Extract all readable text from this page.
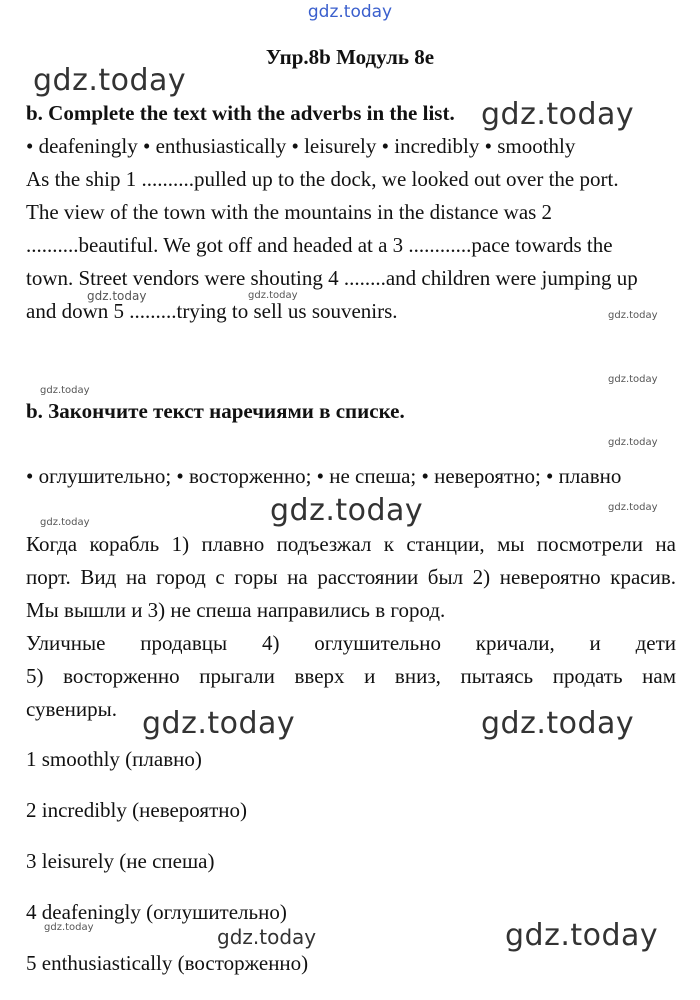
gdz.today
Упр.8b Модуль 8е
b. Complete the text with the adverbs in the list.
• deafeningly • enthusiastically • leisurely • incredibly • smoothly
As the ship 1 ..........pulled up to the dock, we looked out over the port.
The view of the town with the mountains in the distance was 2
..........beautiful. We got off and headed at a 3 ............pace towards the
town. Street vendors were shouting 4 ........and children were jumping up
and down 5 .........trying to sell us souvenirs.
b. Закончите текст наречиями в списке.
• оглушительно; • восторженно; • не спеша; • невероятно; • плавно
Когда корабль 1) плавно подъезжал к станции, мы посмотрели на
порт. Вид на город с горы на расстоянии был 2) невероятно красив.
Мы вышли и 3) не спеша направились в город.
Уличные продавцы 4) оглушительно кричали, и дети
5) восторженно прыгали вверх и вниз, пытаясь продать нам
сувениры.
1 smoothly (плавно)
2 incredibly (невероятно)
3 leisurely (не спеша)
4 deafeningly (оглушительно)
5 enthusiastically (восторженно)
gdz.today
gdz.today
gdz.today
gdz.today	gdz.today
gdz.today
gdz.today
gdz.today	gdz.today
gdz.today
gdz.today
gdz.today
gdz.today
gdz.today
gdz.today
gdz.today
